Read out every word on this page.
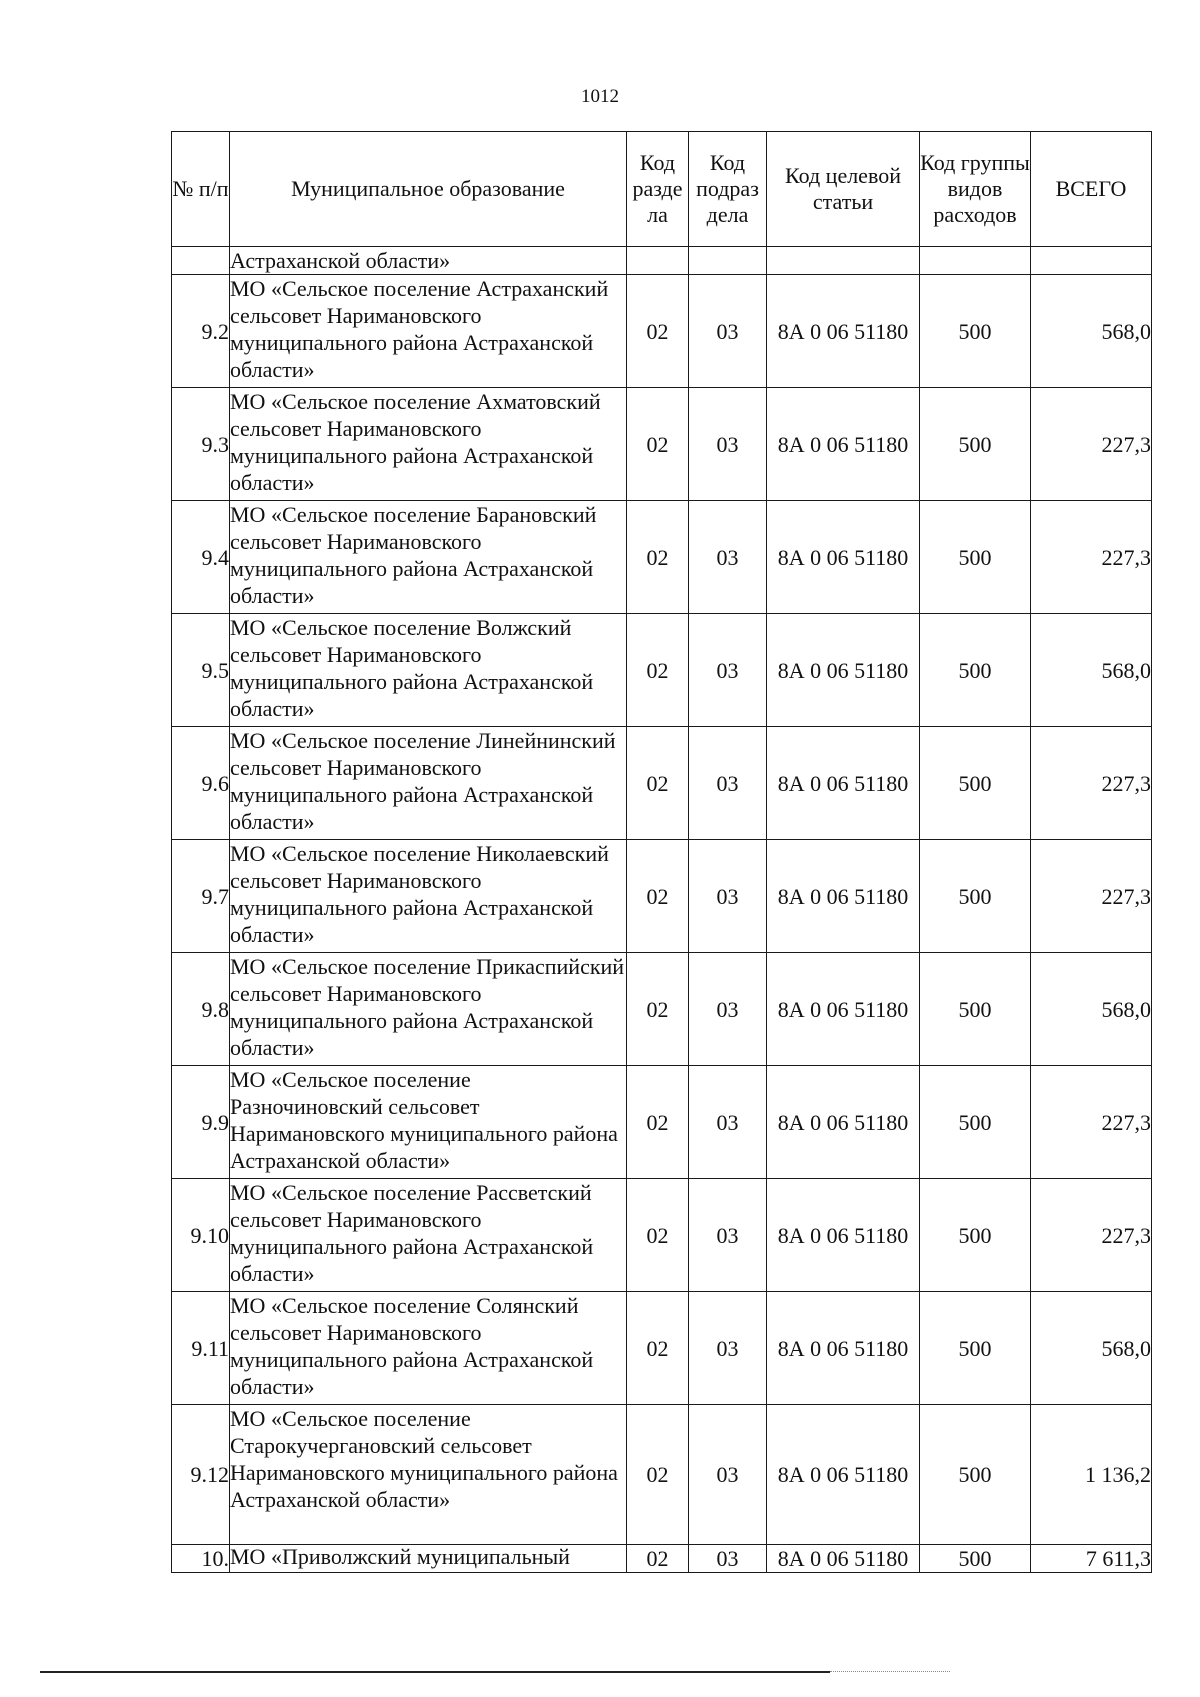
1012
№ п/п	Муниципальное образование	Код разде ла	Код подраз дела	Код целевой статьи	Код группы видов расходов	ВСЕГО
	Астраханской области»					
9.2	МО «Сельское поселение Астраханский сельсовет Наримановского муниципального района Астраханской области»	02	03	8А 0 06 51180	500	568,0
9.3	МО «Сельское поселение Ахматовский сельсовет Наримановского муниципального района Астраханской области»	02	03	8А 0 06 51180	500	227,3
9.4	МО «Сельское поселение Барановский сельсовет Наримановского муниципального района Астраханской области»	02	03	8А 0 06 51180	500	227,3
9.5	МО «Сельское поселение Волжский сельсовет Наримановского муниципального района Астраханской области»	02	03	8А 0 06 51180	500	568,0
9.6	МО «Сельское поселение Линейнинский сельсовет Наримановского муниципального района Астраханской области»	02	03	8А 0 06 51180	500	227,3
9.7	МО «Сельское поселение Николаевский сельсовет Наримановского муниципального района Астраханской области»	02	03	8А 0 06 51180	500	227,3
9.8	МО «Сельское поселение Прикаспийский сельсовет Наримановского муниципального района Астраханской области»	02	03	8А 0 06 51180	500	568,0
9.9	МО «Сельское поселение Разночиновский сельсовет Наримановского муниципального района Астраханской области»	02	03	8А 0 06 51180	500	227,3
9.10	МО «Сельское поселение Рассветский сельсовет Наримановского муниципального района Астраханской области»	02	03	8А 0 06 51180	500	227,3
9.11	МО «Сельское поселение Солянский сельсовет Наримановского муниципального района Астраханской области»	02	03	8А 0 06 51180	500	568,0
9.12	МО «Сельское поселение Старокучергановский сельсовет Наримановского муниципального района Астраханской области»	02	03	8А 0 06 51180	500	1 136,2
10.	МО «Приволжский муниципальный	02	03	8А 0 06 51180	500	7 611,3
